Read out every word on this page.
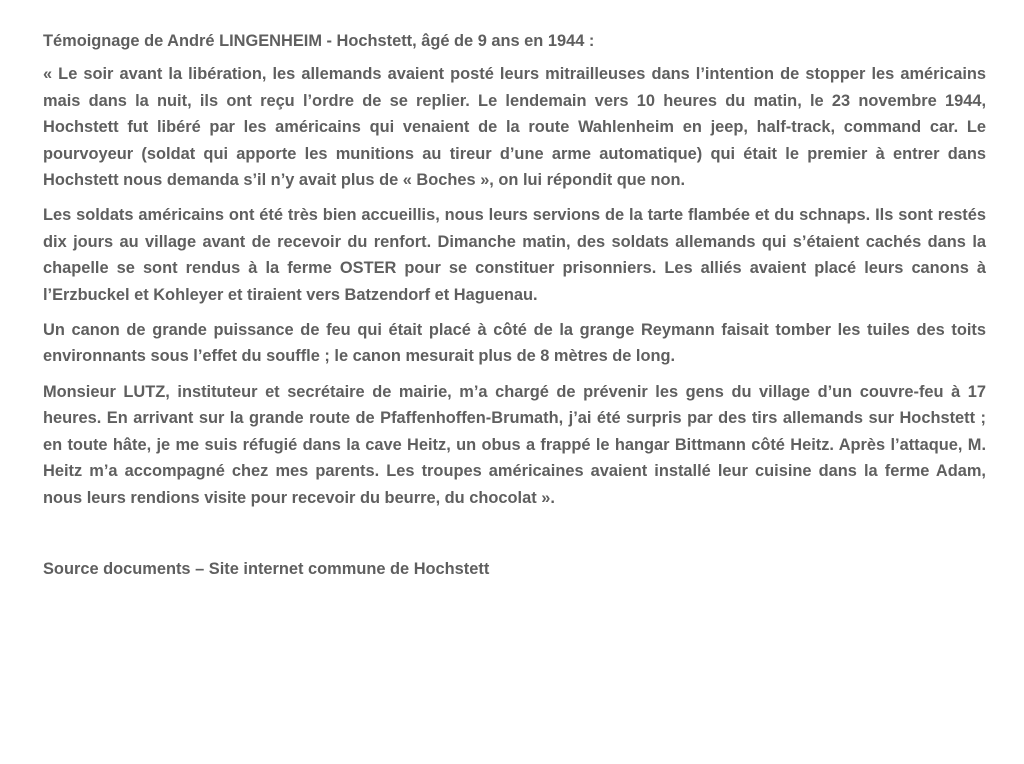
Témoignage de André LINGENHEIM - Hochstett, âgé de 9 ans en 1944 :

« Le soir avant la libération, les allemands avaient posté leurs mitrailleuses dans l’intention de stopper les américains mais dans la nuit, ils ont reçu l’ordre de se replier. Le lendemain vers 10 heures du matin, le 23 novembre 1944, Hochstett fut libéré par les américains qui venaient de la route Wahlenheim en jeep, half-track, command car. Le pourvoyeur (soldat qui apporte les munitions au tireur d’une arme automatique) qui était le premier à entrer dans Hochstett nous demanda s’il n’y avait plus de « Boches », on lui répondit que non.

Les soldats américains ont été très bien accueillis, nous leurs servions de la tarte flambée et du schnaps. Ils sont restés dix jours au village avant de recevoir du renfort. Dimanche matin, des soldats allemands qui s’étaient cachés dans la chapelle se sont rendus à la ferme OSTER pour se constituer prisonniers. Les alliés avaient placé leurs canons à l’Erzbuckel et Kohleyer et tiraient vers Batzendorf et Haguenau.

Un canon de grande puissance de feu qui était placé à côté de la grange Reymann faisait tomber les tuiles des toits environnants sous l’effet du souffle ; le canon mesurait plus de 8 mètres de long.

Monsieur LUTZ, instituteur et secrétaire de mairie, m’a chargé de prévenir les gens du village d’un couvre-feu à 17 heures. En arrivant sur la grande route de Pfaffenhoffen-Brumath, j’ai été surpris par des tirs allemands sur Hochstett ; en toute hâte, je me suis réfugié dans la cave Heitz, un obus a frappé le hangar Bittmann côté Heitz. Après l’attaque, M. Heitz m’a accompagné chez mes parents. Les troupes américaines avaient installé leur cuisine dans la ferme Adam, nous leurs rendions visite pour recevoir du beurre, du chocolat ».

Source documents – Site internet commune de Hochstett
